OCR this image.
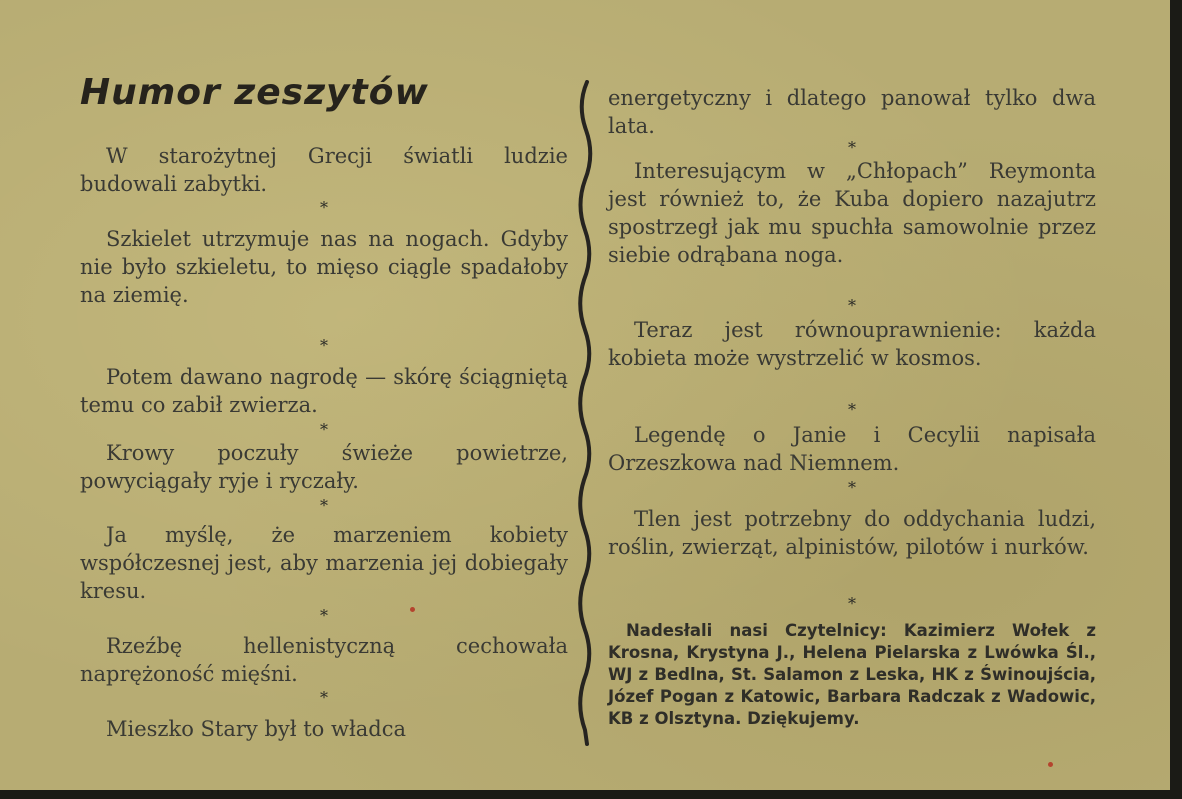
Humor zeszytów

W starożytnej Grecji światli ludzie budowali zabytki.

*

Szkielet utrzymuje nas na nogach. Gdyby nie było szkieletu, to mięso ciągle spadałoby na ziemię.

*

Potem dawano nagrodę — skórę ściągniętą temu co zabił zwierza.

*

Krowy poczuły świeże powietrze, powyciągały ryje i ryczały.

*

Ja myślę, że marzeniem kobiety współczesnej jest, aby marzenia jej dobiegały kresu.

*

Rzeźbę hellenistyczną cechowała naprężoność mięśni.

*

Mieszko Stary był to władca

energetyczny i dlatego panował tylko dwa lata.

*

Interesującym w „Chłopach” Reymonta jest również to, że Kuba dopiero nazajutrz spostrzegł jak mu spuchła samowolnie przez siebie odrąbana noga.

*

Teraz jest równouprawnienie: każda kobieta może wystrzelić w kosmos.

*

Legendę o Janie i Cecylii napisała Orzeszkowa nad Niemnem.

*

Tlen jest potrzebny do oddychania ludzi, roślin, zwierząt, alpinistów, pilotów i nurków.

*

Nadesłali nasi Czytelnicy: Kazimierz Wołek z Krosna, Krystyna J., Helena Pielarska z Lwówka Śl., WJ z Bedlna, St. Salamon z Leska, HK z Świnoujścia, Józef Pogan z Katowic, Barbara Radczak z Wadowic, KB z Olsztyna. Dziękujemy.
